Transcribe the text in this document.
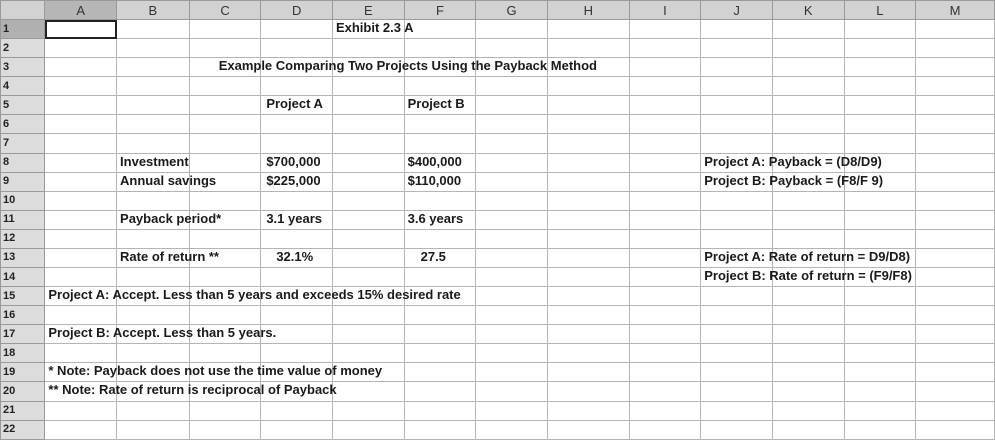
	A	B	C	D	E	F	G	H	I	J	K	L	M
1					Exhibit 2.3 A								

2													
3			Example Comparing Two Projects Using the Payback Method										

4													
5				Project A		Project B							

6													
7													
8		Investment		$700,000		$400,000				Project A: Payback = (D8/D9)			

9		Annual savings		$225,000		$110,000				Project B: Payback = (F8/F 9)			

10													
11		Payback period*		3.1 years		3.6 years							

12													
13		Rate of return **		32.1%		27.5				Project A: Rate of return = D9/D8)			

14										Project B: Rate of return = (F9/F8)			

15	Project A: Accept. Less than 5 years and exceeds 15% desired rate												

16													
17	Project B: Accept. Less than 5 years.												

18													
19	* Note: Payback does not use the time value of money												

20	** Note: Rate of return is reciprocal of Payback												

21													
22													
